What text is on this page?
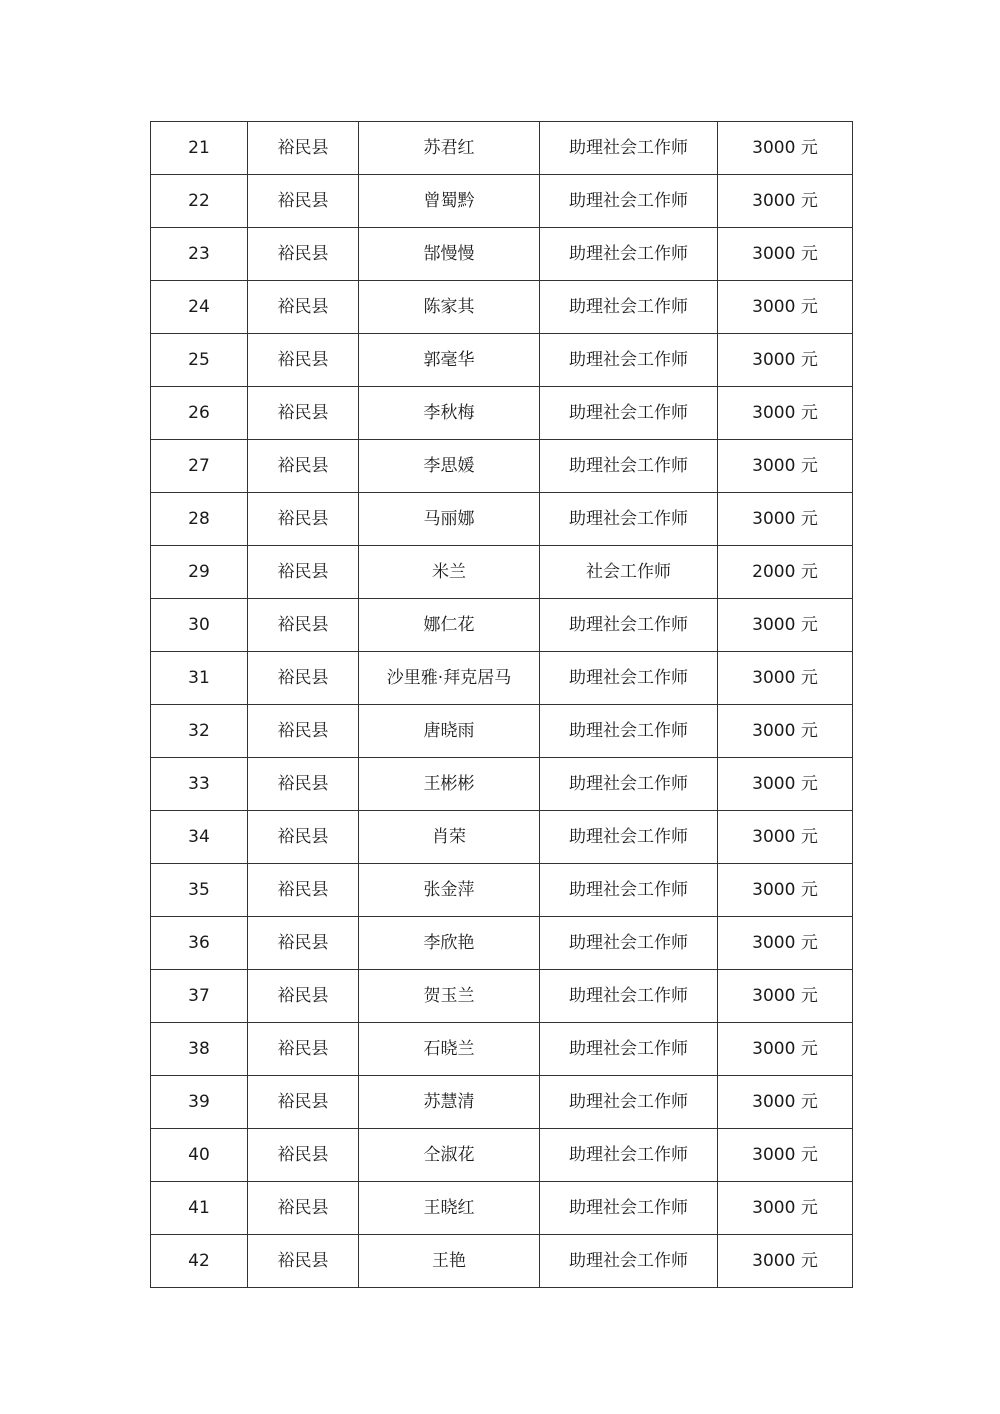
21	裕民县	苏君红	助理社会工作师	3000 元
22	裕民县	曾蜀黔	助理社会工作师	3000 元
23	裕民县	郜慢慢	助理社会工作师	3000 元
24	裕民县	陈家其	助理社会工作师	3000 元
25	裕民县	郭毫华	助理社会工作师	3000 元
26	裕民县	李秋梅	助理社会工作师	3000 元
27	裕民县	李思媛	助理社会工作师	3000 元
28	裕民县	马丽娜	助理社会工作师	3000 元
29	裕民县	米兰	社会工作师	2000 元
30	裕民县	娜仁花	助理社会工作师	3000 元
31	裕民县	沙里雅·拜克居马	助理社会工作师	3000 元
32	裕民县	唐晓雨	助理社会工作师	3000 元
33	裕民县	王彬彬	助理社会工作师	3000 元
34	裕民县	肖荣	助理社会工作师	3000 元
35	裕民县	张金萍	助理社会工作师	3000 元
36	裕民县	李欣艳	助理社会工作师	3000 元
37	裕民县	贺玉兰	助理社会工作师	3000 元
38	裕民县	石晓兰	助理社会工作师	3000 元
39	裕民县	苏慧清	助理社会工作师	3000 元
40	裕民县	仝淑花	助理社会工作师	3000 元
41	裕民县	王晓红	助理社会工作师	3000 元
42	裕民县	王艳	助理社会工作师	3000 元
